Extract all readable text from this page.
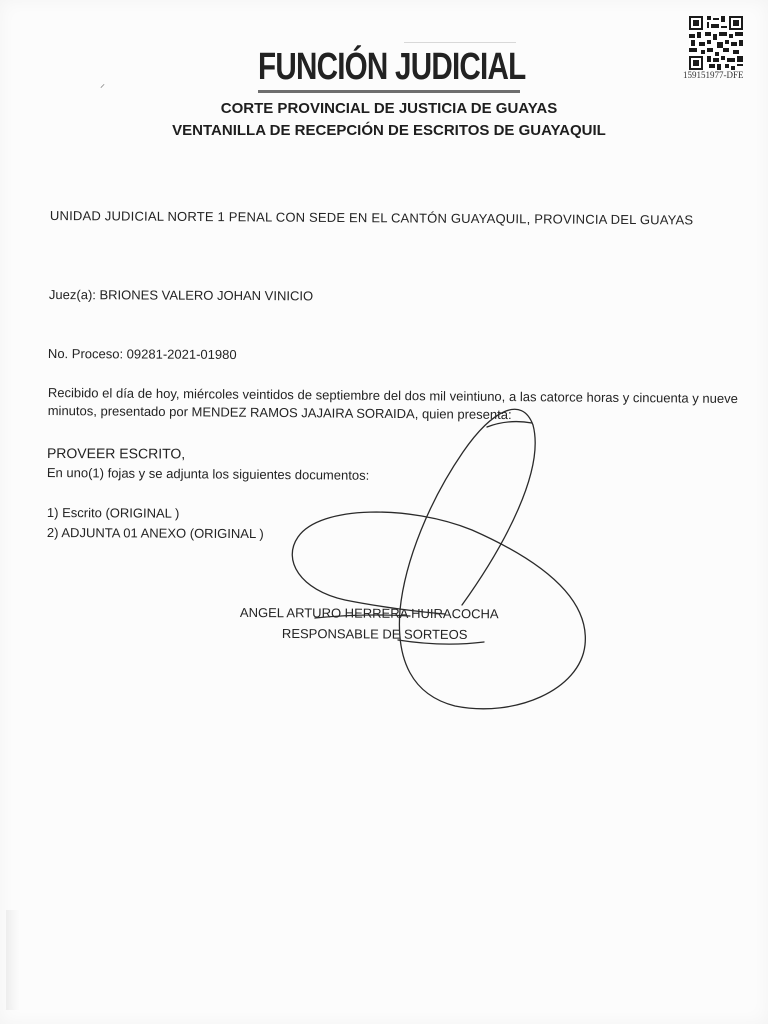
⸝	FUNCIÓN JUDICIAL	159151977-DFE
CORTE PROVINCIAL DE JUSTICIA DE GUAYAS
VENTANILLA DE RECEPCIÓN DE ESCRITOS DE GUAYAQUIL
UNIDAD JUDICIAL NORTE 1 PENAL CON SEDE EN EL CANTÓN GUAYAQUIL, PROVINCIA DEL GUAYAS
Juez(a): BRIONES VALERO JOHAN VINICIO
No. Proceso: 09281-2021-01980
Recibido el día de hoy, miércoles veintidos de septiembre del dos mil veintiuno, a las catorce horas y cincuenta y nueve minutos, presentado por MENDEZ RAMOS JAJAIRA SORAIDA, quien presenta:
PROVEER ESCRITO,
En uno(1) fojas y se adjunta los siguientes documentos:
1) Escrito (ORIGINAL )
2) ADJUNTA 01 ANEXO (ORIGINAL )
ANGEL ARTURO HERRERA HUIRACOCHA
RESPONSABLE DE SORTEOS
